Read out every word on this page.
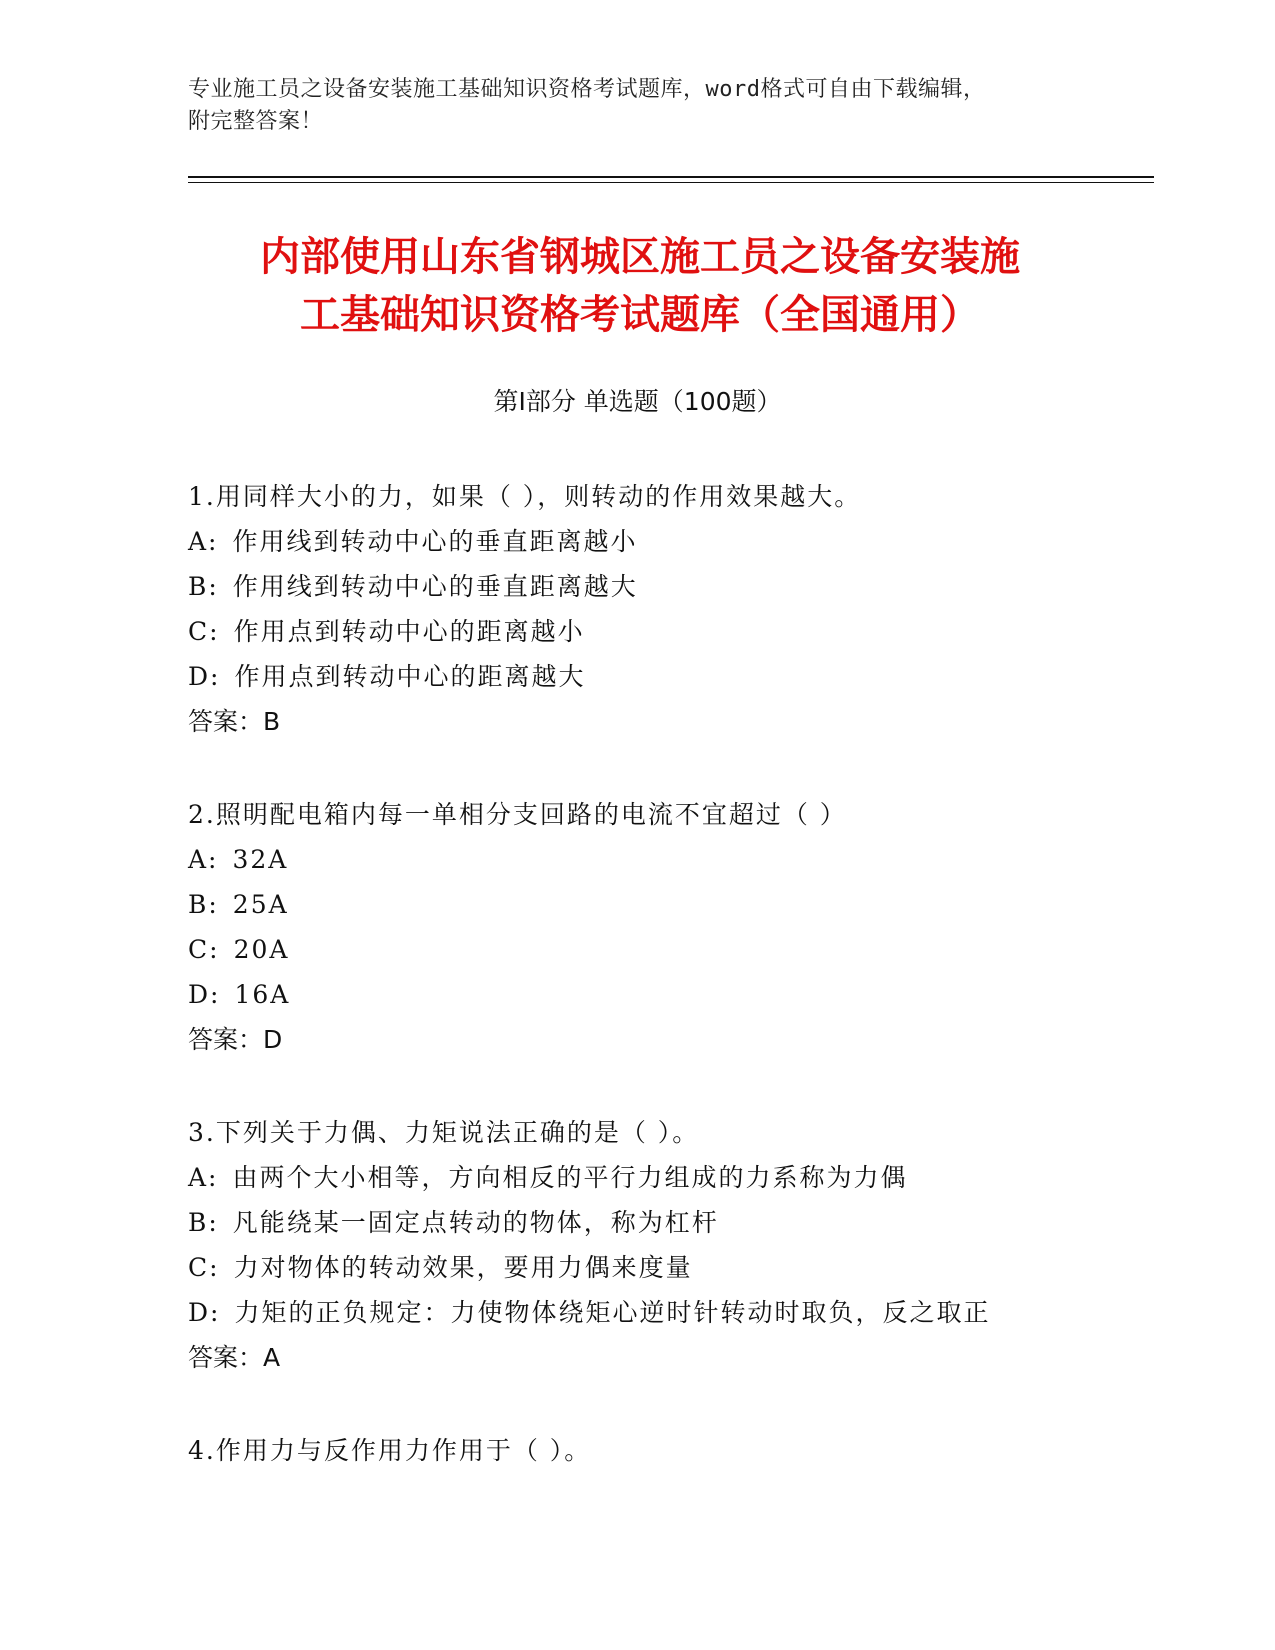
专业施工员之设备安装施工基础知识资格考试题库，word格式可自由下载编辑，
附完整答案！
内部使用山东省钢城区施工员之设备安装施
工基础知识资格考试题库（全国通用）
第Ⅰ部分 单选题（100题）
1.用同样大小的力，如果（ ），则转动的作用效果越大。
A: 作用线到转动中心的垂直距离越小
B: 作用线到转动中心的垂直距离越大
C: 作用点到转动中心的距离越小
D: 作用点到转动中心的距离越大
答案：B
2.照明配电箱内每一单相分支回路的电流不宜超过（ ）
A: 32A
B: 25A
C: 20A
D: 16A
答案：D
3.下列关于力偶、力矩说法正确的是（ ）。
A: 由两个大小相等，方向相反的平行力组成的力系称为力偶
B: 凡能绕某一固定点转动的物体，称为杠杆
C: 力对物体的转动效果，要用力偶来度量
D: 力矩的正负规定：力使物体绕矩心逆时针转动时取负，反之取正
答案：A
4.作用力与反作用力作用于（ ）。
